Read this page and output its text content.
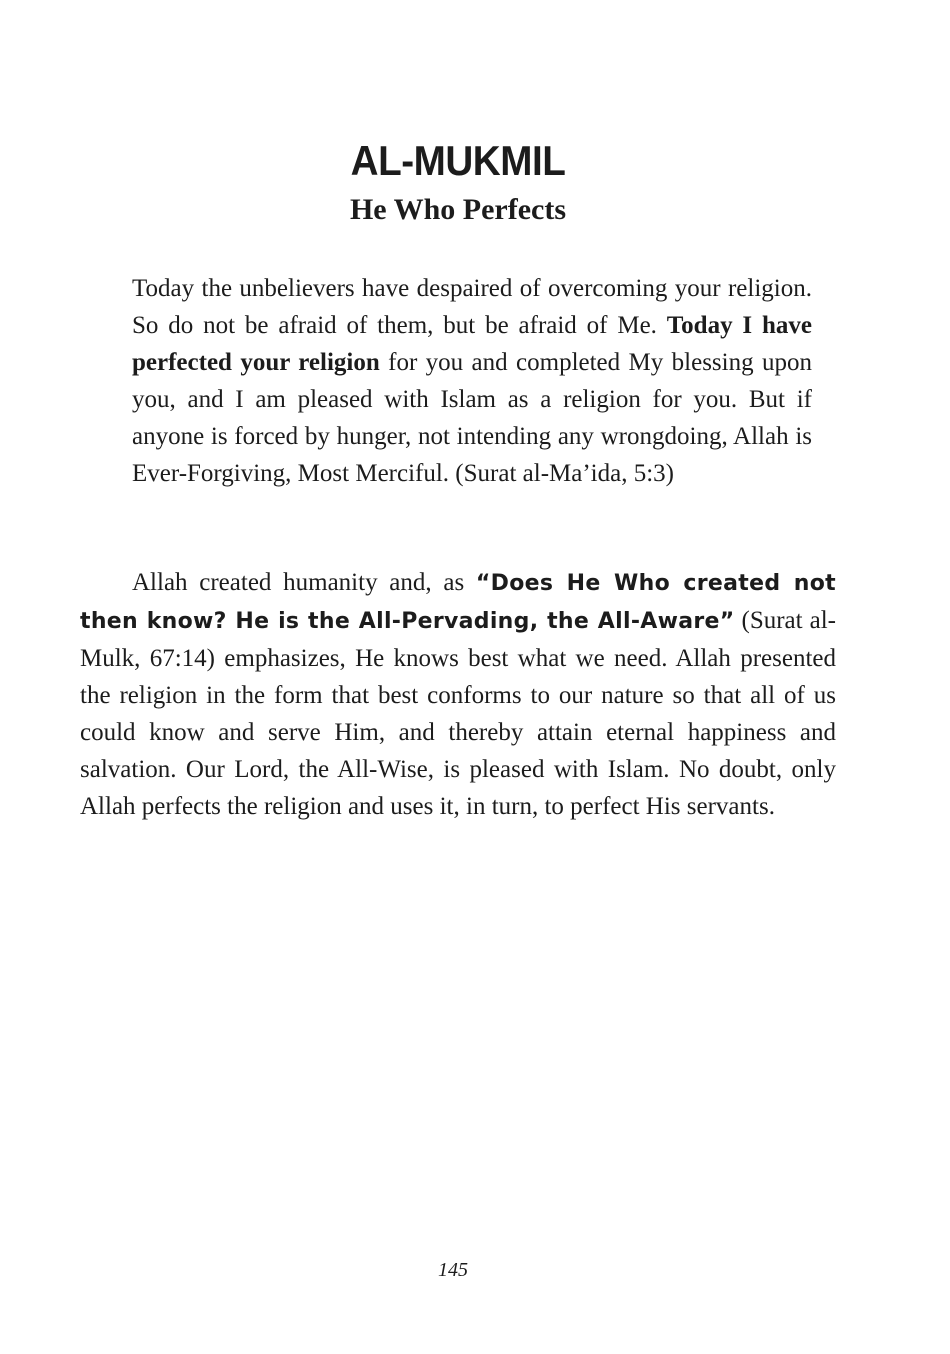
AL-MUKMIL
He Who Perfects

Today the unbelievers have despaired of overcoming your religion. So do not be afraid of them, but be afraid of Me. Today I have perfected your religion for you and completed My blessing upon you, and I am pleased with Islam as a religion for you. But if anyone is forced by hunger, not intending any wrongdoing, Allah is Ever-Forgiving, Most Merciful. (Surat al-Ma’ida, 5:3)

Allah created humanity and, as “Does He Who created not then know? He is the All-Pervading, the All-Aware” (Surat al-Mulk, 67:14) emphasizes, He knows best what we need. Allah presented the religion in the form that best conforms to our nature so that all of us could know and serve Him, and thereby attain eternal happiness and salvation. Our Lord, the All-Wise, is pleased with Islam. No doubt, only Allah perfects the religion and uses it, in turn, to perfect His servants.

145
